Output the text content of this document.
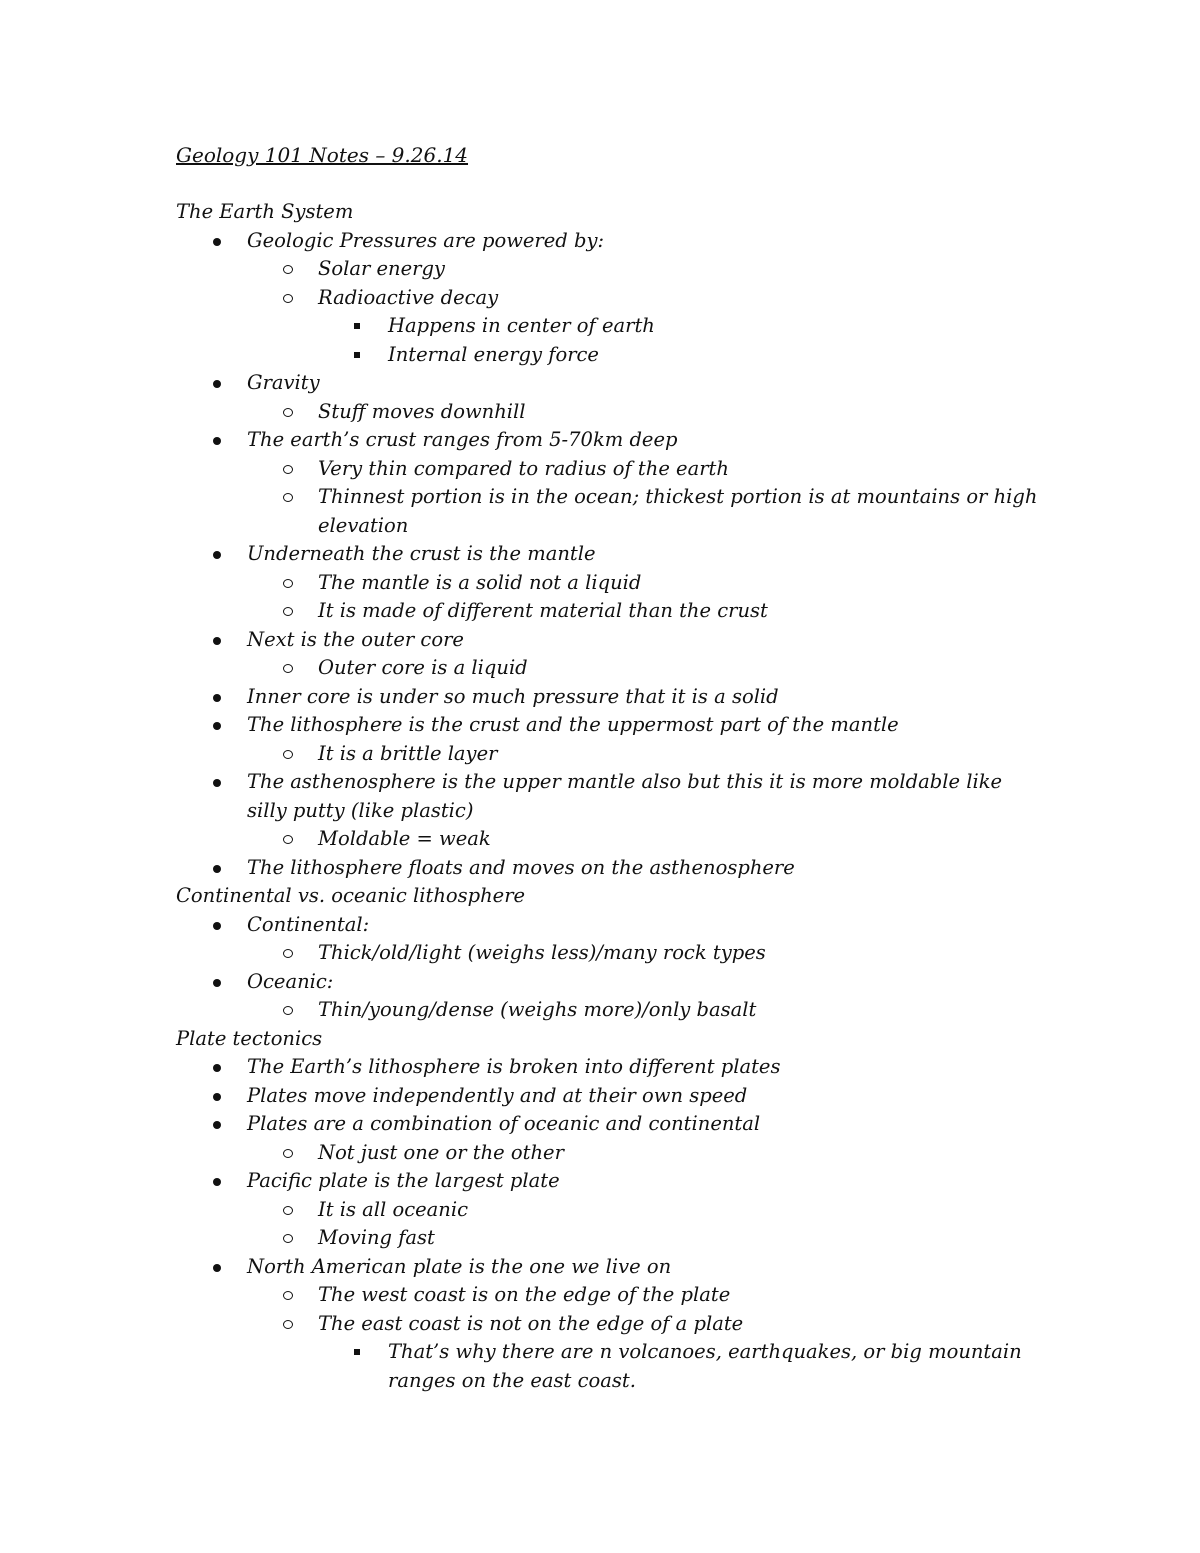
Geology 101 Notes – 9.26.14
The Earth System
Geologic Pressures are powered by:
Solar energy
Radioactive decay
Happens in center of earth
Internal energy force
Gravity
Stuff moves downhill
The earth’s crust ranges from 5-70km deep
Very thin compared to radius of the earth
Thinnest portion is in the ocean; thickest portion is at mountains or high
elevation
Underneath the crust is the mantle
The mantle is a solid not a liquid
It is made of different material than the crust
Next is the outer core
Outer core is a liquid
Inner core is under so much pressure that it is a solid
The lithosphere is the crust and the uppermost part of the mantle
It is a brittle layer
The asthenosphere is the upper mantle also but this it is more moldable like
silly putty (like plastic)
Moldable = weak
The lithosphere floats and moves on the asthenosphere
Continental vs. oceanic lithosphere
Continental:
Thick/old/light (weighs less)/many rock types
Oceanic:
Thin/young/dense (weighs more)/only basalt
Plate tectonics
The Earth’s lithosphere is broken into different plates
Plates move independently and at their own speed
Plates are a combination of oceanic and continental
Not just one or the other
Pacific plate is the largest plate
It is all oceanic
Moving fast
North American plate is the one we live on
The west coast is on the edge of the plate
The east coast is not on the edge of a plate
That’s why there are n volcanoes, earthquakes, or big mountain
ranges on the east coast.
